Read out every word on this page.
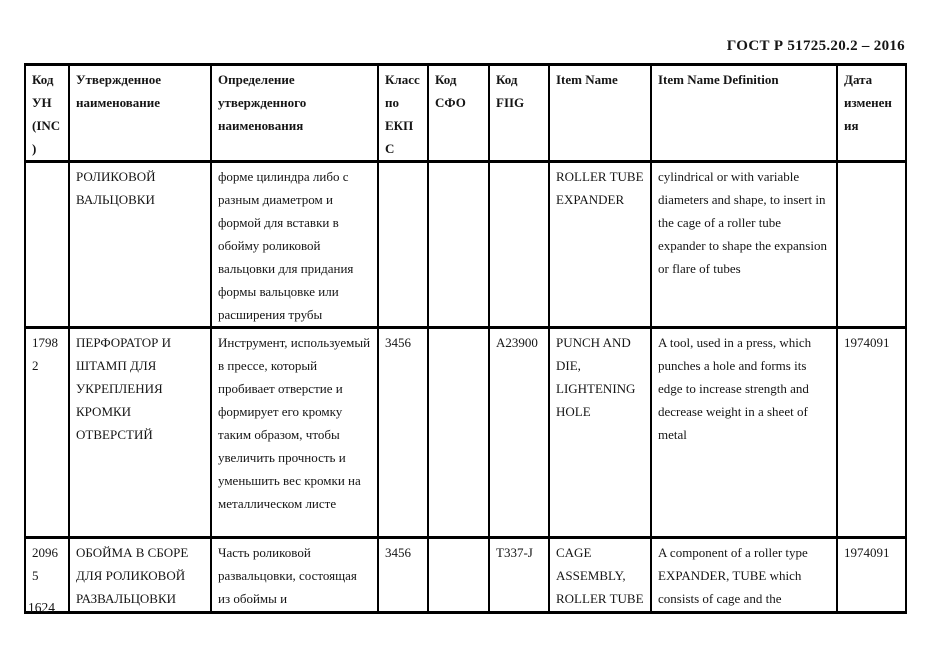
ГОСТ Р 51725.20.2 – 2016
Код УН (INC)	Утвержденное наименование	Определение утвержденного наименования	Класс по ЕКПС	Код СФО	Код FIIG	Item Name	Item Name Definition	Дата изменения
	РОЛИКОВОЙ ВАЛЬЦОВКИ	форме цилиндра либо с разным диаметром и формой для вставки в обойму роликовой вальцовки для придания формы вальцовке или расширения трубы				ROLLER TUBE EXPANDER	cylindrical or with variable diameters and shape, to insert in the cage of a roller tube expander to shape the expansion or flare of tubes	
17982	ПЕРФОРАТОР И ШТАМП ДЛЯ УКРЕПЛЕНИЯ КРОМКИ ОТВЕРСТИЙ	Инструмент, используемый в прессе, который пробивает отверстие и формирует его кромку таким образом, чтобы увеличить прочность и уменьшить вес кромки на металлическом листе	3456		A23900	PUNCH AND DIE, LIGHTENING HOLE	A tool, used in a press, which punches a hole and forms its edge to increase strength and decrease weight in a sheet of metal	1974091
20965	ОБОЙМА В СБОРЕ ДЛЯ РОЛИКОВОЙ РАЗВАЛЬЦОВКИ	Часть роликовой развальцовки, состоящая из обоймы и	3456		T337-J	CAGE ASSEMBLY, ROLLER TUBE	A component of a roller type EXPANDER, TUBE which consists of cage and the	1974091
1624
